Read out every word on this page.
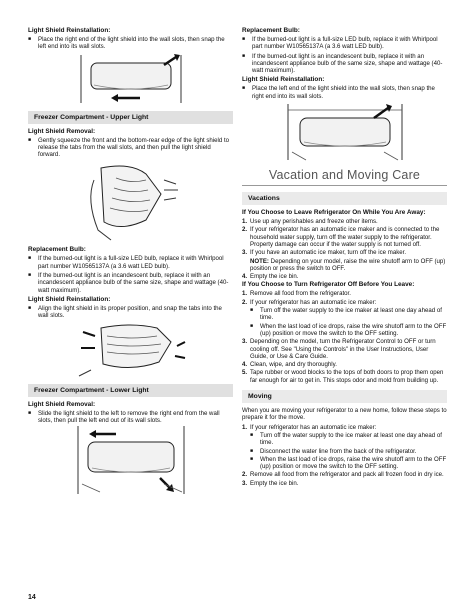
Light Shield Reinstallation:
■	Place the right end of the light shield into the wall slots, then snap the left end into its wall slots.
Freezer Compartment - Upper Light
Light Shield Removal:
■	Gently squeeze the front and the bottom-rear edge of the light shield to release the tabs from the wall slots, and then pull the light shield forward.
Replacement Bulb:
■	If the burned-out light is a full-size LED bulb, replace it with Whirlpool part number W10565137A (a 3.6 watt LED bulb).
■	If the burned-out light is an incandescent bulb, replace it with an incandescent appliance bulb of the same size, shape and wattage (40-watt maximum).
Light Shield Reinstallation:
■	Align the light shield in its proper position, and snap the tabs into the wall slots.
Freezer Compartment - Lower Light
Light Shield Removal:
■	Slide the light shield to the left to remove the right end from the wall slots, then pull the left end out of its wall slots.
Replacement Bulb:
■	If the burned-out light is a full-size LED bulb, replace it with Whirlpool part number W10565137A (a 3.6 watt LED bulb).
■	If the burned-out light is an incandescent bulb, replace it with an incandescent appliance bulb of the same size, shape and wattage (40-watt maximum).
Light Shield Reinstallation:
■	Place the left end of the light shield into the wall slots, then snap the right end into its wall slots.
Vacation and Moving Care
Vacations
If You Choose to Leave Refrigerator On While You Are Away:
1. Use up any perishables and freeze other items.
2. If your refrigerator has an automatic ice maker and is connected to the household water supply, turn off the water supply to the refrigerator. Property damage can occur if the water supply is not turned off.
3. If you have an automatic ice maker, turn off the ice maker.
NOTE: Depending on your model, raise the wire shutoff arm to OFF (up) position or press the switch to OFF.
4. Empty the ice bin.
If You Choose to Turn Refrigerator Off Before You Leave:
1. Remove all food from the refrigerator.
2. If your refrigerator has an automatic ice maker:
■	Turn off the water supply to the ice maker at least one day ahead of time.
■	When the last load of ice drops, raise the wire shutoff arm to the OFF (up) position or move the switch to the OFF setting.
3. Depending on the model, turn the Refrigerator Control to OFF or turn cooling off. See "Using the Controls" in the User Instructions, User Guide, or Use & Care Guide.
4. Clean, wipe, and dry thoroughly.
5. Tape rubber or wood blocks to the tops of both doors to prop them open far enough for air to get in. This stops odor and mold from building up.
Moving
When you are moving your refrigerator to a new home, follow these steps to prepare it for the move.
1. If your refrigerator has an automatic ice maker:
■	Turn off the water supply to the ice maker at least one day ahead of time.
■	Disconnect the water line from the back of the refrigerator.
■	When the last load of ice drops, raise the wire shutoff arm to the OFF (up) position or move the switch to the OFF setting.
2. Remove all food from the refrigerator and pack all frozen food in dry ice.
3. Empty the ice bin.
14
